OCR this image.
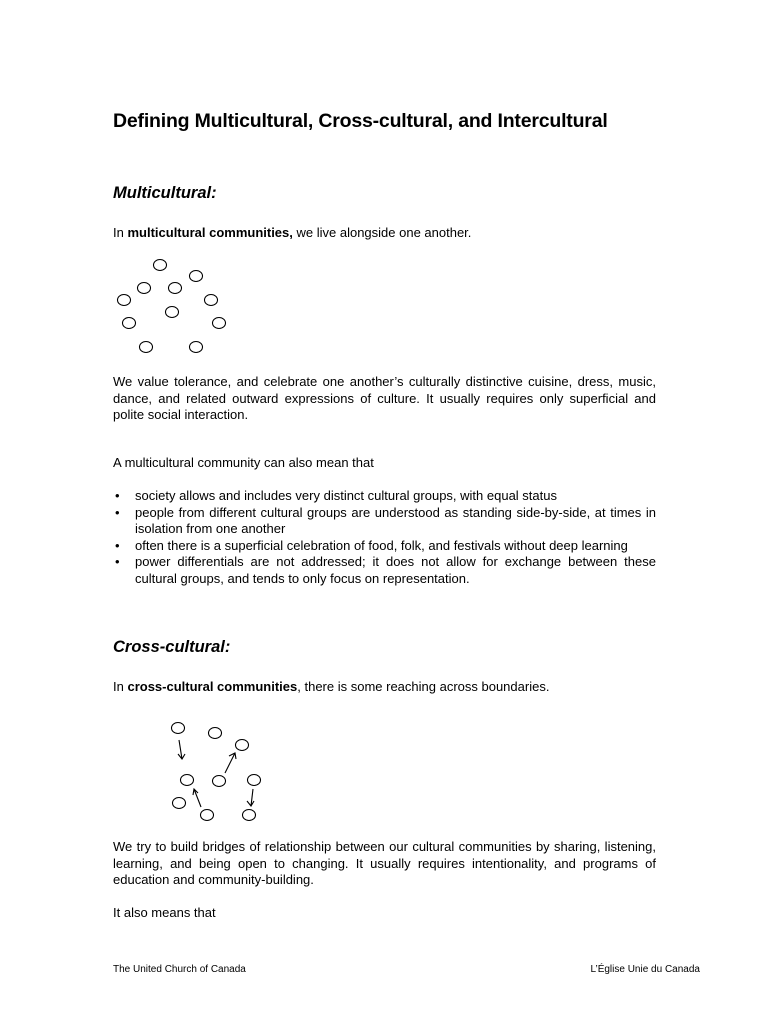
Defining Multicultural, Cross-cultural, and Intercultural
Multicultural:

In multicultural communities, we live alongside one another.

We value tolerance, and celebrate one another’s culturally distinctive cuisine, dress, music, dance, and related outward expressions of culture. It usually requires only superficial and polite social interaction.

A multicultural community can also mean that

• society allows and includes very distinct cultural groups, with equal status
• people from different cultural groups are understood as standing side-by-side, at times in isolation from one another
• often there is a superficial celebration of food, folk, and festivals without deep learning
• power differentials are not addressed; it does not allow for exchange between these cultural groups, and tends to only focus on representation.
Cross-cultural:

In cross-cultural communities, there is some reaching across boundaries.

We try to build bridges of relationship between our cultural communities by sharing, listening, learning, and being open to changing. It usually requires intentionality, and programs of education and community-building.

It also means that

The United Church of Canada	L’Église Unie du Canada
